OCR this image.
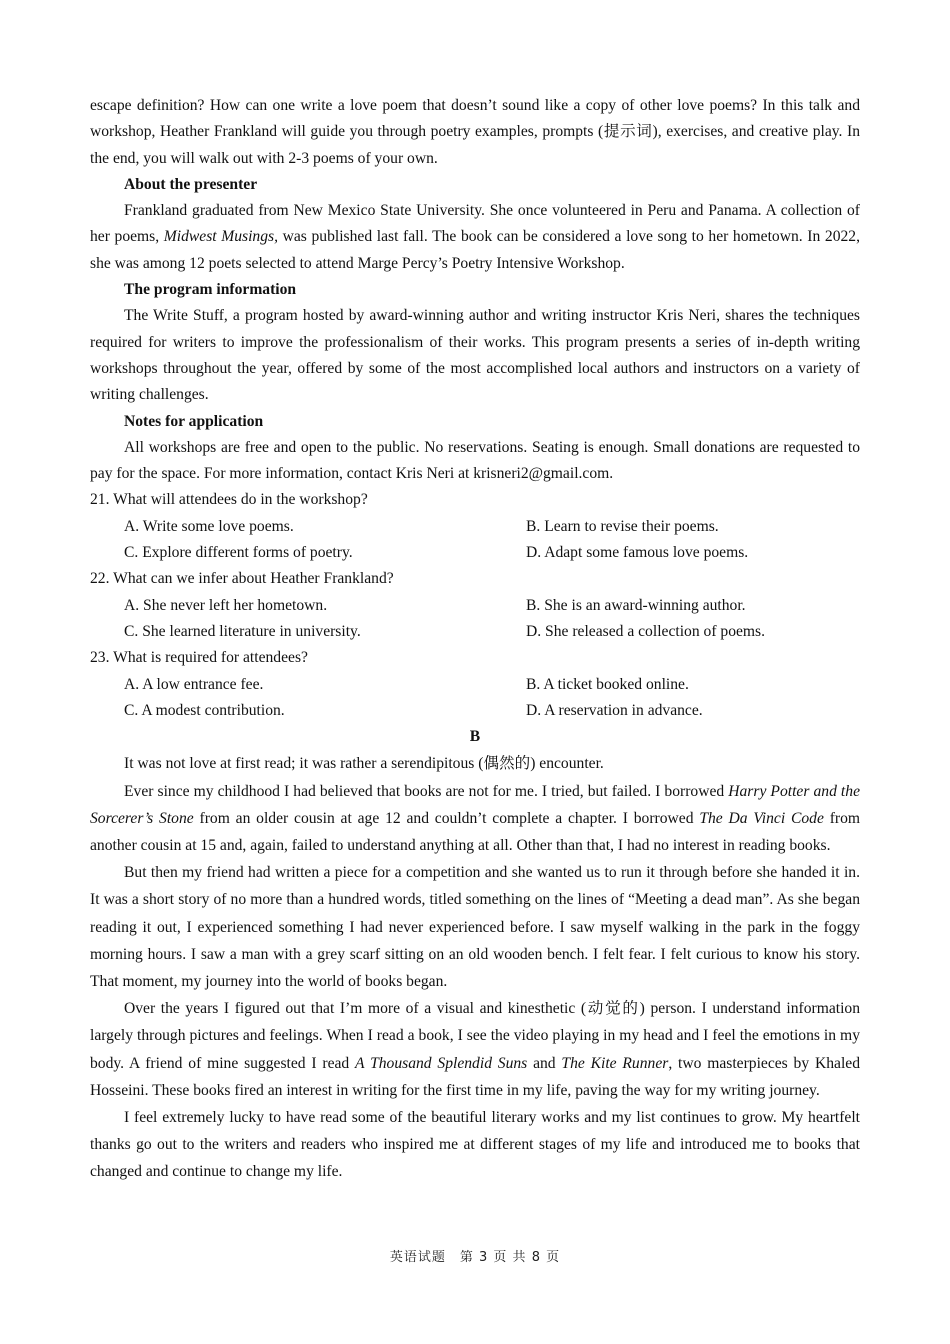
escape definition? How can one write a love poem that doesn’t sound like a copy of other love poems? In this talk and workshop, Heather Frankland will guide you through poetry examples, prompts (提示词), exercises, and creative play. In the end, you will walk out with 2-3 poems of your own.

About the presenter

Frankland graduated from New Mexico State University. She once volunteered in Peru and Panama. A collection of her poems, Midwest Musings, was published last fall. The book can be considered a love song to her hometown. In 2022, she was among 12 poets selected to attend Marge Percy’s Poetry Intensive Workshop.

The program information

The Write Stuff, a program hosted by award-winning author and writing instructor Kris Neri, shares the techniques required for writers to improve the professionalism of their works. This program presents a series of in-depth writing workshops throughout the year, offered by some of the most accomplished local authors and instructors on a variety of writing challenges.

Notes for application

All workshops are free and open to the public. No reservations. Seating is enough. Small donations are requested to pay for the space. For more information, contact Kris Neri at krisneri2@gmail.com.

21. What will attendees do in the workshop?

A. Write some love poems.	B. Learn to revise their poems.
C. Explore different forms of poetry.	D. Adapt some famous love poems.

22. What can we infer about Heather Frankland?

A. She never left her hometown.	B. She is an award-winning author.
C. She learned literature in university.	D. She released a collection of poems.

23. What is required for attendees?

A. A low entrance fee.	B. A ticket booked online.
C. A modest contribution.	D. A reservation in advance.

B

It was not love at first read; it was rather a serendipitous (偶然的) encounter.

Ever since my childhood I had believed that books are not for me. I tried, but failed. I borrowed Harry Potter and the Sorcerer’s Stone from an older cousin at age 12 and couldn’t complete a chapter. I borrowed The Da Vinci Code from another cousin at 15 and, again, failed to understand anything at all. Other than that, I had no interest in reading books.

But then my friend had written a piece for a competition and she wanted us to run it through before she handed it in. It was a short story of no more than a hundred words, titled something on the lines of “Meeting a dead man”. As she began reading it out, I experienced something I had never experienced before. I saw myself walking in the park in the foggy morning hours. I saw a man with a grey scarf sitting on an old wooden bench. I felt fear. I felt curious to know his story. That moment, my journey into the world of books began.

Over the years I figured out that I’m more of a visual and kinesthetic (动觉的) person. I understand information largely through pictures and feelings. When I read a book, I see the video playing in my head and I feel the emotions in my body. A friend of mine suggested I read A Thousand Splendid Suns and The Kite Runner, two masterpieces by Khaled Hosseini. These books fired an interest in writing for the first time in my life, paving the way for my writing journey.

I feel extremely lucky to have read some of the beautiful literary works and my list continues to grow. My heartfelt thanks go out to the writers and readers who inspired me at different stages of my life and introduced me to books that changed and continue to change my life.

英语试题　第 3 页 共 8 页
